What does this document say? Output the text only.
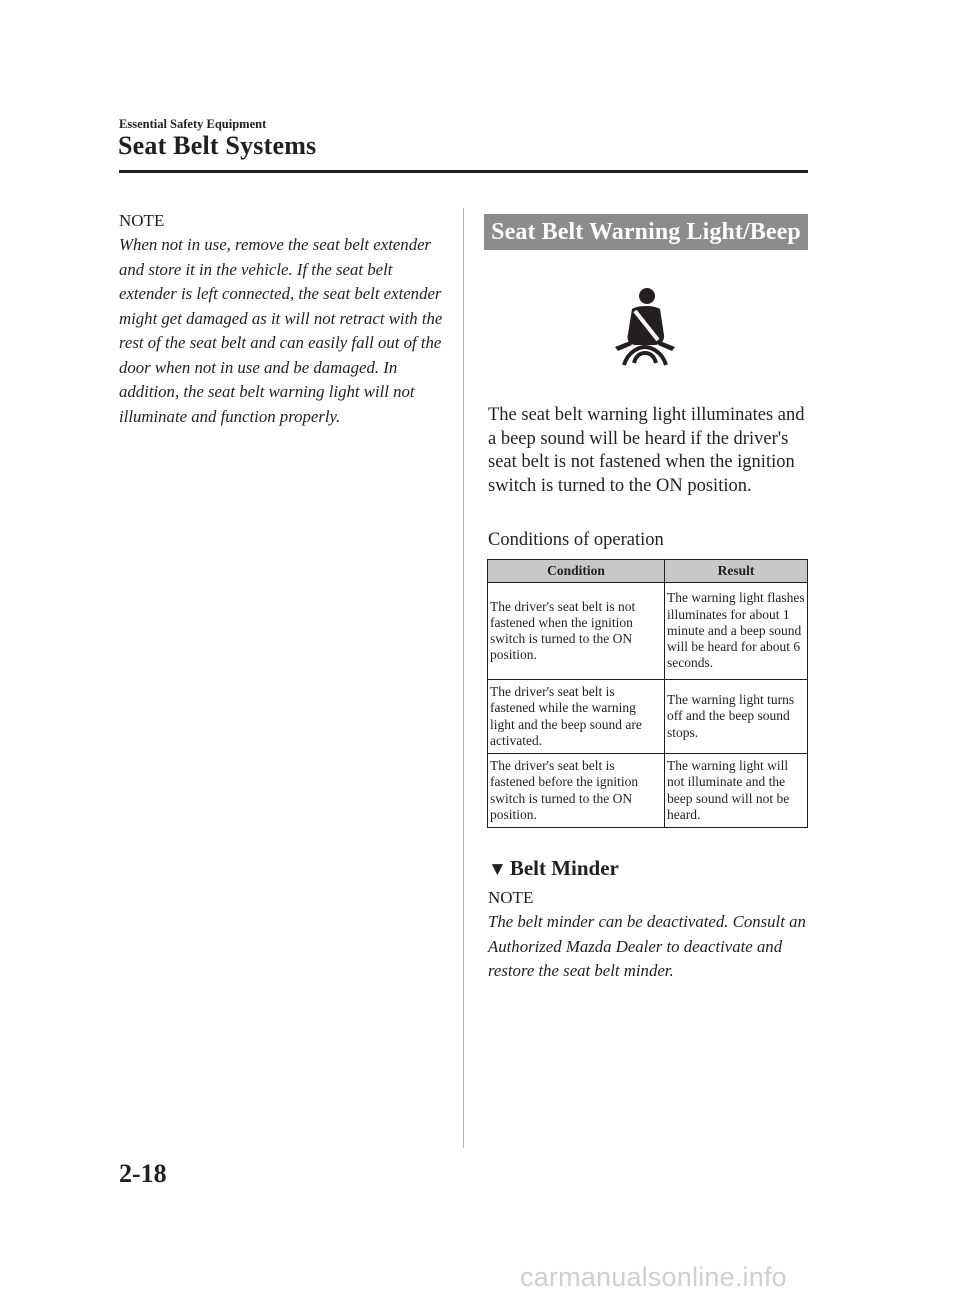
Essential Safety Equipment
Seat Belt Systems
NOTE
When not in use, remove the seat belt extender and store it in the vehicle. If the seat belt extender is left connected, the seat belt extender might get damaged as it will not retract with the rest of the seat belt and can easily fall out of the door when not in use and be damaged. In addition, the seat belt warning light will not illuminate and function properly.
Seat Belt Warning Light/Beep
The seat belt warning light illuminates and a beep sound will be heard if the driver's seat belt is not fastened when the ignition switch is turned to the ON position.
Conditions of operation
Condition	Result
The driver's seat belt is not fastened when the ignition switch is turned to the ON position.	The warning light flashes illuminates for about 1 minute and a beep sound will be heard for about 6 seconds.
The driver's seat belt is fastened while the warning light and the beep sound are activated.	The warning light turns off and the beep sound stops.
The driver's seat belt is fastened before the ignition switch is turned to the ON position.	The warning light will not illuminate and the beep sound will not be heard.
▼ Belt Minder
NOTE
The belt minder can be deactivated. Consult an Authorized Mazda Dealer to deactivate and restore the seat belt minder.
2-18
carmanualsonline.info
